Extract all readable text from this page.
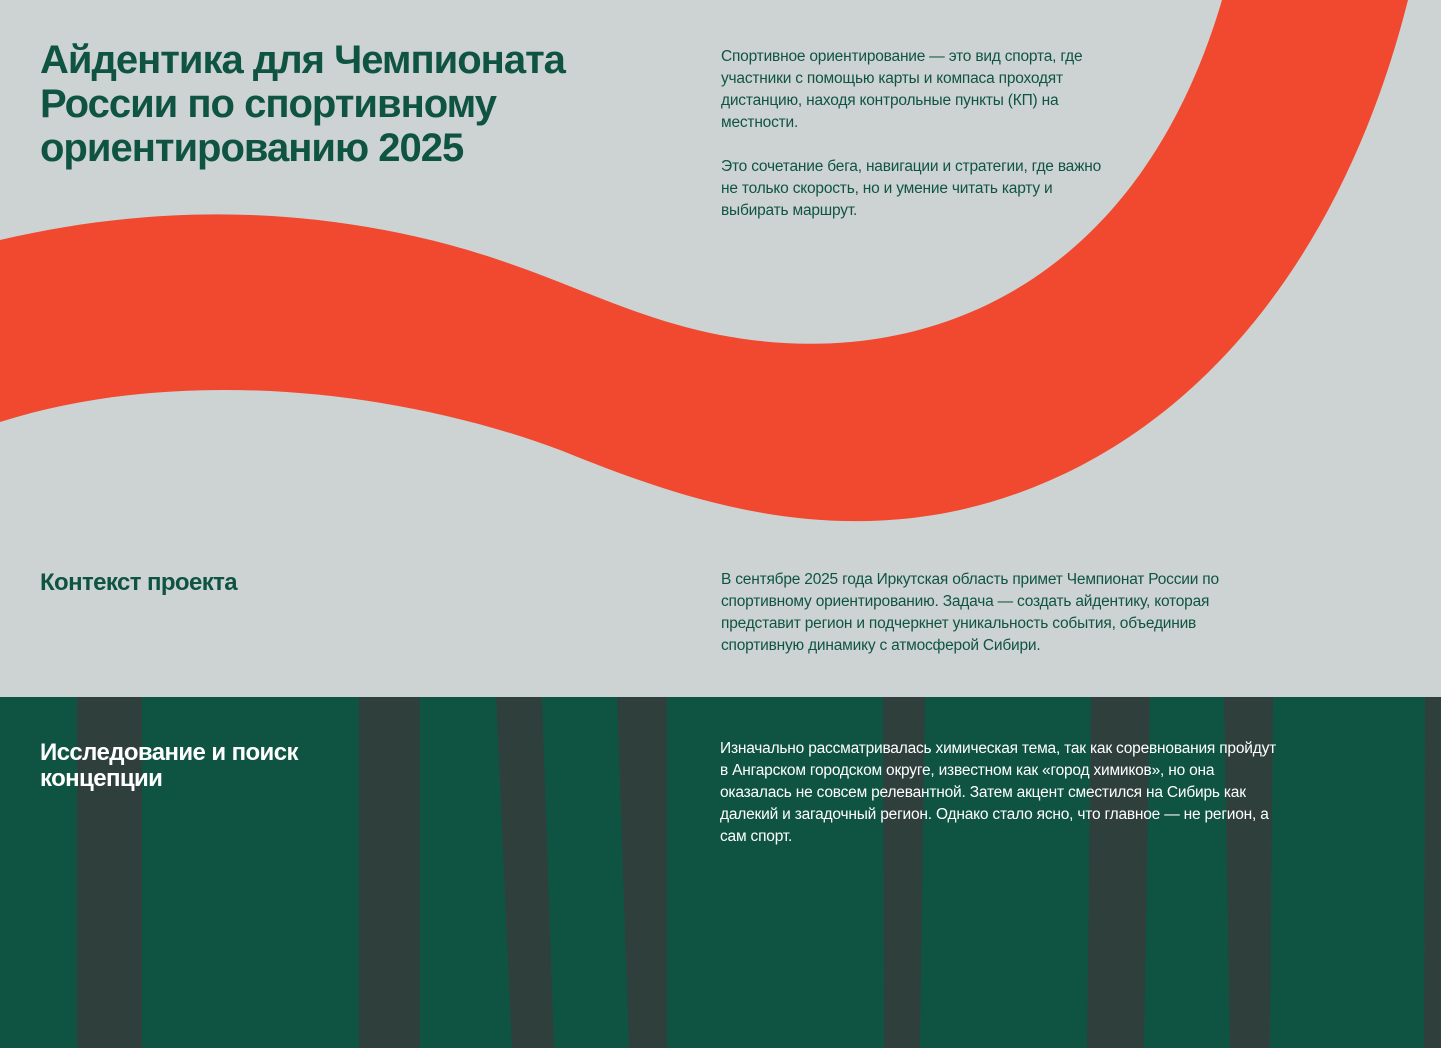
Айдентика для Чемпионата России по спортивному ориентированию 2025

Спортивное ориентирование — это вид спорта, где участники с помощью карты и компаса проходят дистанцию, находя контрольные пункты (КП) на местности.

Это сочетание бега, навигации и стратегии, где важно не только скорость, но и умение читать карту и выбирать маршрут.

Контекст проекта	В сентябре 2025 года Иркутская область примет Чемпионат России по спортивному ориентированию. Задача — создать айдентику, которая представит регион и подчеркнет уникальность события, объединив спортивную динамику с атмосферой Сибири.

Исследование и поиск концепции

Изначально рассматривалась химическая тема, так как соревнования пройдут в Ангарском городском округе, известном как «город химиков», но она оказалась не совсем релевантной. Затем акцент сместился на Сибирь как далекий и загадочный регион. Однако стало ясно, что главное — не регион, а сам спорт.
